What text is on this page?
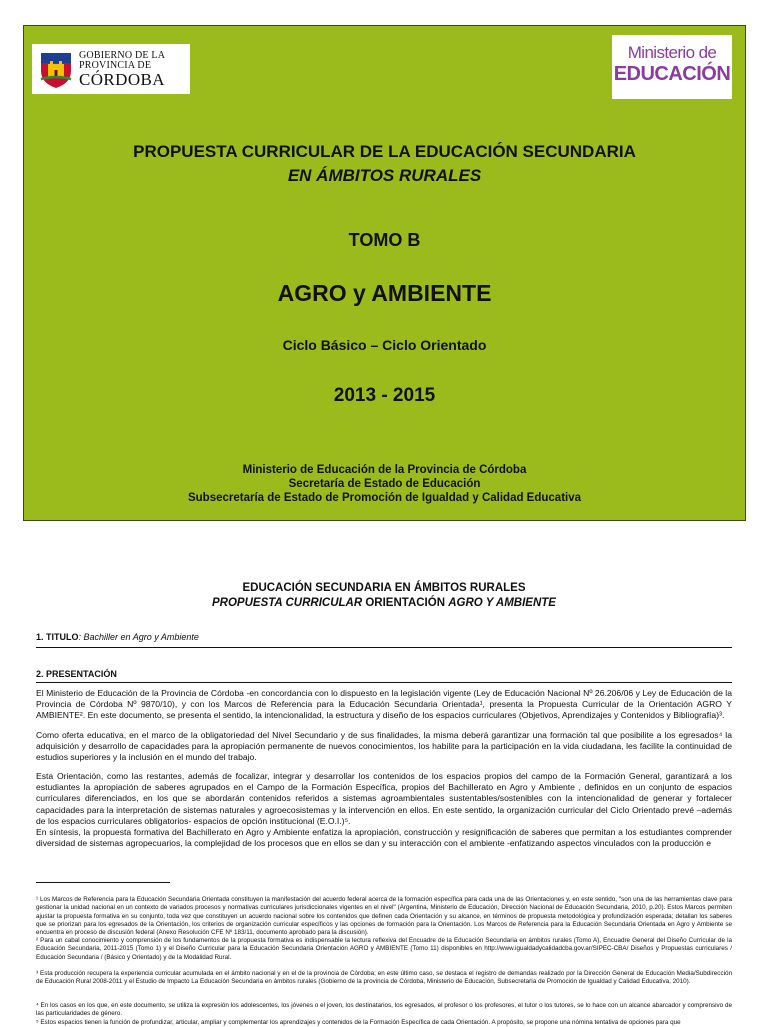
GOBIERNO DE LA
PROVINCIA DE
CÓRDOBA
Ministerio de
EDUCACIÓN
PROPUESTA CURRICULAR DE LA EDUCACIÓN SECUNDARIA
EN ÁMBITOS RURALES
TOMO B
AGRO y AMBIENTE
Ciclo Básico – Ciclo Orientado
2013 - 2015
Ministerio de Educación de la Provincia de Córdoba
Secretaría de Estado de Educación
Subsecretaría de Estado de Promoción de Igualdad y Calidad Educativa
EDUCACIÓN SECUNDARIA EN ÁMBITOS RURALES
PROPUESTA CURRICULAR ORIENTACIÓN AGRO Y AMBIENTE
1. TITULO: Bachiller en Agro y Ambiente
2. PRESENTACIÓN
El Ministerio de Educación de la Provincia de Córdoba -en concordancia con lo dispuesto en la legislación vigente (Ley de Educación Nacional Nº 26.206/06 y Ley de Educación de la Provincia de Córdoba Nº 9870/10), y con los Marcos de Referencia para la Educación Secundaria Orientada¹, presenta la Propuesta Curricular de la Orientación AGRO Y AMBIENTE². En este documento, se presenta el sentido, la intencionalidad, la estructura y diseño de los espacios curriculares (Objetivos, Aprendizajes y Contenidos y Bibliografía)³.
Como oferta educativa, en el marco de la obligatoriedad del Nivel Secundario y de sus finalidades, la misma deberá garantizar una formación tal que posibilite a los egresados⁴ la adquisición y desarrollo de capacidades para la apropiación permanente de nuevos conocimientos, los habilite para la participación en la vida ciudadana, les facilite la continuidad de estudios superiores y la inclusión en el mundo del trabajo.
Esta Orientación, como las restantes, además de focalizar, integrar y desarrollar los contenidos de los espacios propios del campo de la Formación General, garantizará a los estudiantes la apropiación de saberes agrupados en el Campo de la Formación Específica, propios del Bachillerato en Agro y Ambiente , definidos en un conjunto de espacios curriculares diferenciados, en los que se abordarán contenidos referidos a sistemas agroambientales sustentables/sostenibles con la intencionalidad de generar y fortalecer capacidades para la interpretación de sistemas naturales y agroecosistemas y la intervención en ellos. En este sentido, la organización curricular del Ciclo Orientado prevé –además de los espacios curriculares obligatorios- espacios de opción institucional (E.O.I.)⁵.
En síntesis, la propuesta formativa del Bachillerato en Agro y Ambiente enfatiza la apropiación, construcción y resignificación de saberes que permitan a los estudiantes comprender diversidad de sistemas agropecuarios, la complejidad de los procesos que en ellos se dan y su interacción con el ambiente -enfatizando aspectos vinculados con la producción e
¹ Los Marcos de Referencia para la Educación Secundaria Orientada constituyen la manifestación del acuerdo federal acerca de la formación específica para cada una de las Orientaciones y, en este sentido, "son una de las herramientas clave para gestionar la unidad nacional en un contexto de variados procesos y normativas curriculares jurisdiccionales vigentes en el nivel" (Argentina, Ministerio de Educación, Dirección Nacional de Educación Secundaria, 2010, p.20). Estos Marcos permiten ajustar la propuesta formativa en su conjunto, toda vez que constituyen un acuerdo nacional sobre los contenidos que definen cada Orientación y su alcance, en términos de propuesta metodológica y profundización esperada; detallan los saberes que se priorizan para los egresados de la Orientación, los criterios de organización curricular específicos y las opciones de formación para la Orientación. Los Marcos de Referencia para la Educación Secundaria Orientada en Agro y Ambiente se encuentra en proceso de discusión federal (Anexo Resolución CFE Nº 183/11, documento aprobado para la discusión).
² Para un cabal conocimiento y comprensión de los fundamentos de la propuesta formativa es indispensable la lectura reflexiva del Encuadre de la Educación Secundaria en ámbitos rurales (Tomo A), Encuadre General del Diseño Curricular de la Educación Secundaria, 2011-2015 (Tomo 1) y el Diseño Curricular para la Educación Secundaria Orientación AGRO y AMBIENTE (Tomo 11) disponibles en http://www.igualdadycalidadcba.gov.ar/SIPEC-CBA/ Diseños y Propuestas curriculares / Educación Secundaria / (Básico y Orientado) y de la Modalidad Rural.
³ Esta producción recupera la experiencia curricular acumulada en el ámbito nacional y en el de la provincia de Córdoba; en este último caso, se destaca el registro de demandas realizado por la Dirección General de Educación Media/Subdirección de Educación Rural 2008-2011 y el Estudio de Impacto La Educación Secundaria en ámbitos rurales (Gobierno de la provincia de Córdoba, Ministerio de Educación, Subsecretaría de Promoción de Igualdad y Calidad Educativa, 2010).
⁴ En los casos en los que, en este documento, se utiliza la expresión los adolescentes, los jóvenes o el joven, los destinatarios, los egresados, el profesor o los profesores, el tutor o los tutores, se lo hace con un alcance abarcador y comprensivo de las particularidades de género.
⁵ Estos espacios tienen la función de profundizar, articular, ampliar y complementar los aprendizajes y contenidos de la Formación Específica de cada Orientación. A propósito, se propone una nómina tentativa de opciones para que
